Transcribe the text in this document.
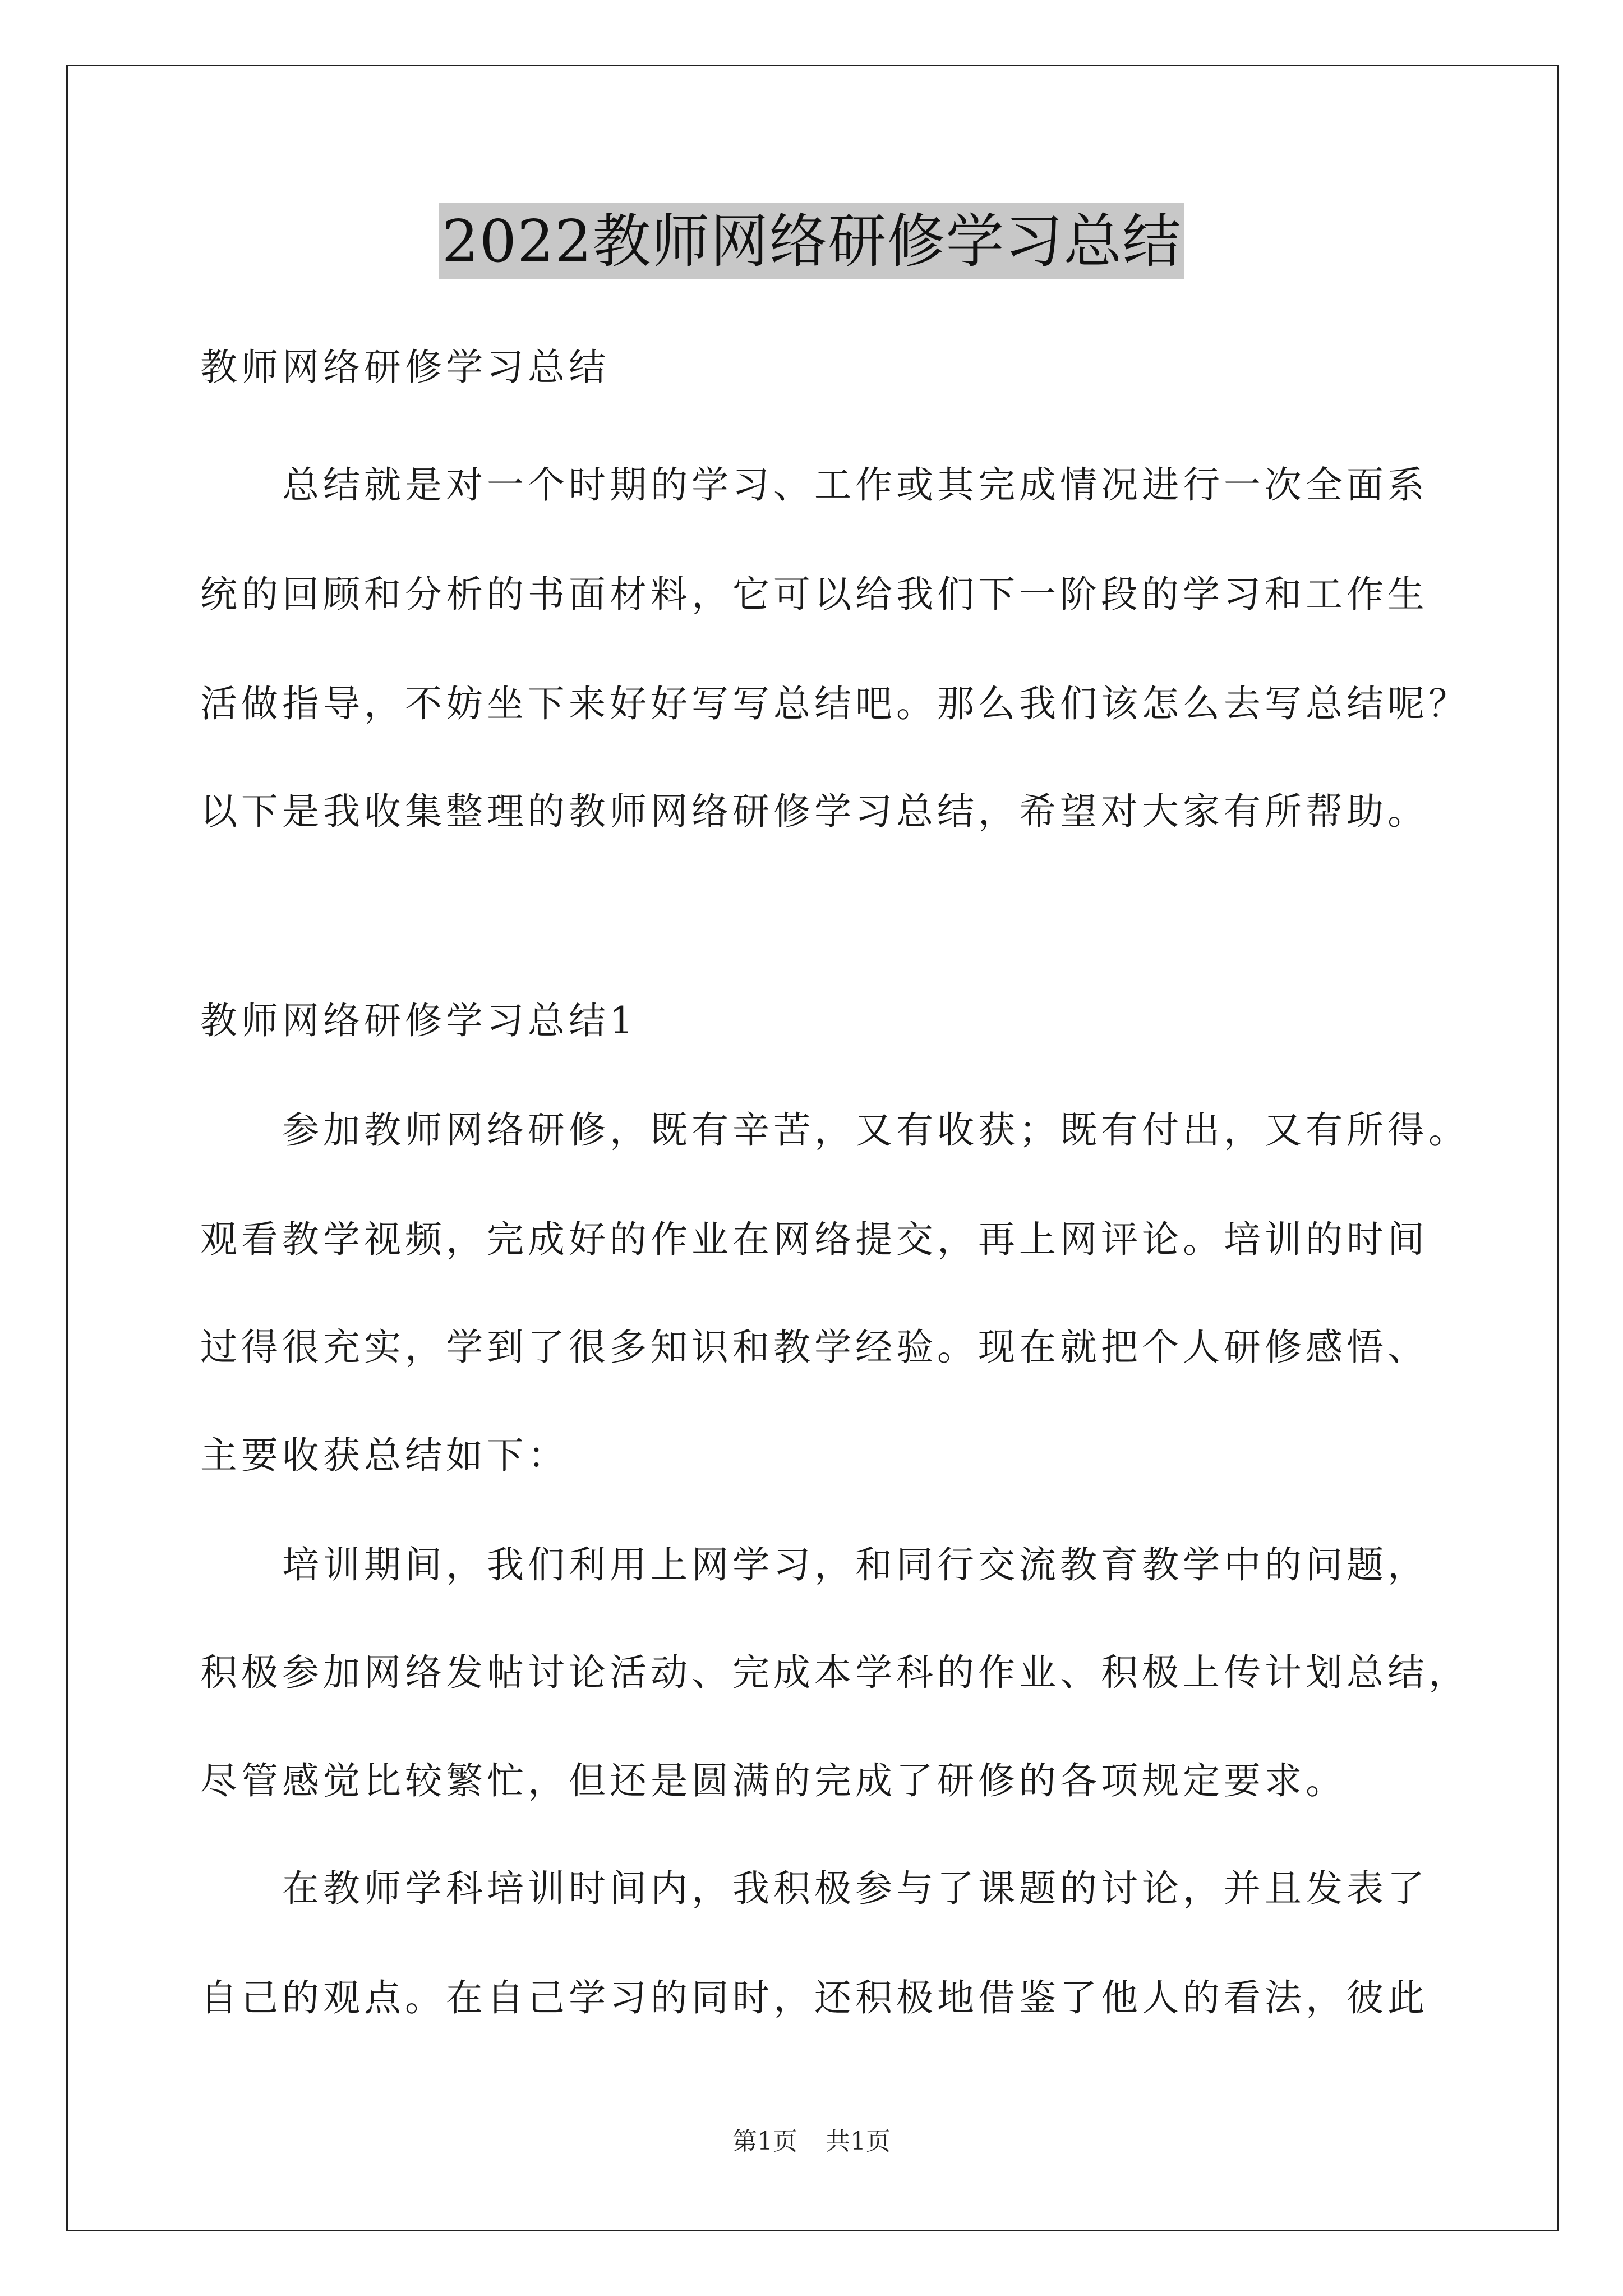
2022教师网络研修学习总结
教师网络研修学习总结
总结就是对一个时期的学习、工作或其完成情况进行一次全面系
统的回顾和分析的书面材料，它可以给我们下一阶段的学习和工作生
活做指导，不妨坐下来好好写写总结吧。那么我们该怎么去写总结呢？
以下是我收集整理的教师网络研修学习总结，希望对大家有所帮助。
教师网络研修学习总结1
参加教师网络研修，既有辛苦，又有收获；既有付出，又有所得。
观看教学视频，完成好的作业在网络提交，再上网评论。培训的时间
过得很充实，学到了很多知识和教学经验。现在就把个人研修感悟、
主要收获总结如下：
培训期间，我们利用上网学习，和同行交流教育教学中的问题，
积极参加网络发帖讨论活动、完成本学科的作业、积极上传计划总结，
尽管感觉比较繁忙，但还是圆满的完成了研修的各项规定要求。
在教师学科培训时间内，我积极参与了课题的讨论，并且发表了
自己的观点。在自己学习的同时，还积极地借鉴了他人的看法，彼此
第1页 共1页
